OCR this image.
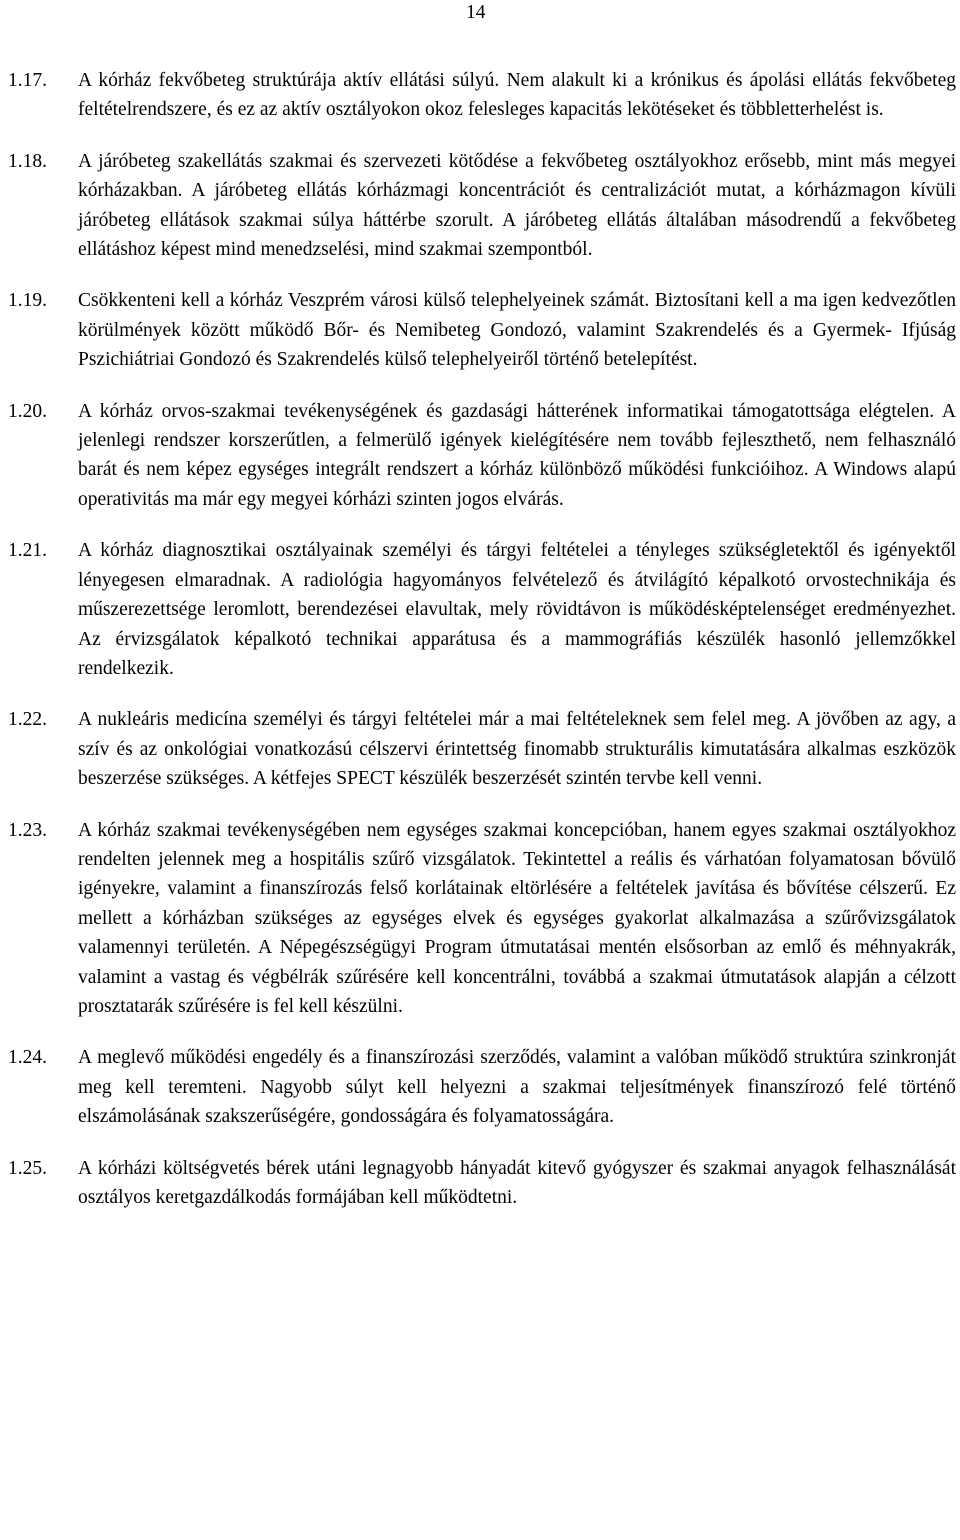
14
1.17.	A kórház fekvőbeteg struktúrája aktív ellátási súlyú. Nem alakult ki a krónikus és ápolási ellátás fekvőbeteg feltételrendszere, és ez az aktív osztályokon okoz felesleges kapacitás lekötéseket és többletterhelést is.
1.18.	A járóbeteg szakellátás szakmai és szervezeti kötődése a fekvőbeteg osztályokhoz erősebb, mint más megyei kórházakban. A járóbeteg ellátás kórházmagi koncentrációt és centralizációt mutat, a kórházmagon kívüli járóbeteg ellátások szakmai súlya háttérbe szorult. A járóbeteg ellátás általában másodrendű a fekvőbeteg ellátáshoz képest mind menedzselési, mind szakmai szempontból.
1.19.	Csökkenteni kell a kórház Veszprém városi külső telephelyeinek számát. Biztosítani kell a ma igen kedvezőtlen körülmények között működő Bőr- és Nemibeteg Gondozó, valamint Szakrendelés és a Gyermek- Ifjúság Pszichiátriai Gondozó és Szakrendelés külső telephelyeiről történő betelepítést.
1.20.	A kórház orvos-szakmai tevékenységének és gazdasági hátterének informatikai támogatottsága elégtelen. A jelenlegi rendszer korszerűtlen, a felmerülő igények kielégítésére nem tovább fejleszthető, nem felhasználó barát és nem képez egységes integrált rendszert a kórház különböző működési funkcióihoz. A Windows alapú operativitás ma már egy megyei kórházi szinten jogos elvárás.
1.21.	A kórház diagnosztikai osztályainak személyi és tárgyi feltételei a tényleges szükségletektől és igényektől lényegesen elmaradnak. A radiológia hagyományos felvételező és átvilágító képalkotó orvostechnikája és műszerezettsége leromlott, berendezései elavultak, mely rövidtávon is működésképtelenséget eredményezhet. Az érvizsgálatok képalkotó technikai apparátusa és a mammográfiás készülék hasonló jellemzőkkel rendelkezik.
1.22.	A nukleáris medicína személyi és tárgyi feltételei már a mai feltételeknek sem felel meg. A jövőben az agy, a szív és az onkológiai vonatkozású célszervi érintettség finomabb strukturális kimutatására alkalmas eszközök beszerzése szükséges. A kétfejes SPECT készülék beszerzését szintén tervbe kell venni.
1.23.	A kórház szakmai tevékenységében nem egységes szakmai koncepcióban, hanem egyes szakmai osztályokhoz rendelten jelennek meg a hospitális szűrő vizsgálatok. Tekintettel a reális és várhatóan folyamatosan bővülő igényekre, valamint a finanszírozás felső korlátainak eltörlésére a feltételek javítása és bővítése célszerű. Ez mellett a kórházban szükséges az egységes elvek és egységes gyakorlat alkalmazása a szűrővizsgálatok valamennyi területén. A Népegészségügyi Program útmutatásai mentén elsősorban az emlő és méhnyakrák, valamint a vastag és végbélrák szűrésére kell koncentrálni, továbbá a szakmai útmutatások alapján a célzott prosztatarák szűrésére is fel kell készülni.
1.24.	A meglevő működési engedély és a finanszírozási szerződés, valamint a valóban működő struktúra szinkronját meg kell teremteni. Nagyobb súlyt kell helyezni a szakmai teljesítmények finanszírozó felé történő elszámolásának szakszerűségére, gondosságára és folyamatosságára.
1.25.	A kórházi költségvetés bérek utáni legnagyobb hányadát kitevő gyógyszer és szakmai anyagok felhasználását osztályos keretgazdálkodás formájában kell működtetni.
